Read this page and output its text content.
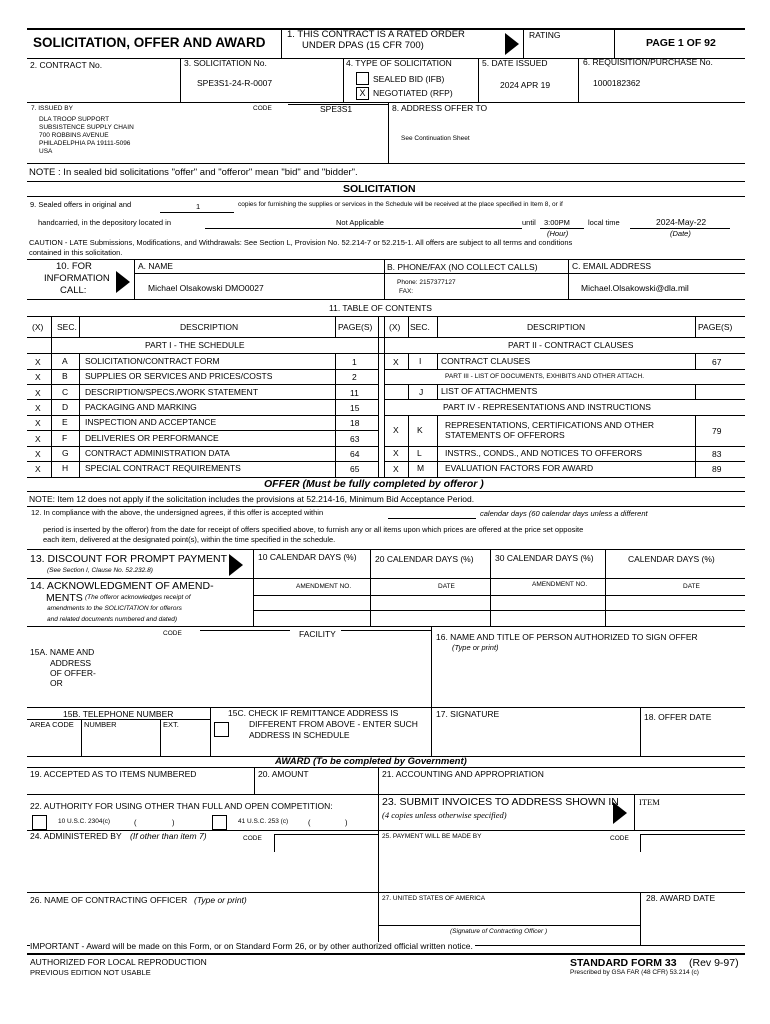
SOLICITATION, OFFER AND AWARD
1. THIS CONTRACT IS A RATED ORDER
UNDER DPAS (15 CFR 700)
RATING
PAGE 1 OF 92
2. CONTRACT No.	3. SOLICITATION No.
SPE3S1-24-R-0007
4. TYPE OF SOLICITATION
SEALED BID (IFB)
X NEGOTIATED (RFP)
5. DATE ISSUED
2024 APR 19
6. REQUISITION/PURCHASE No.
1000182362
7. ISSUED BY	CODE	SPE3S1
DLA TROOP SUPPORT
SUBSISTENCE SUPPLY CHAIN
700 ROBBINS AVENUE
PHILADELPHIA PA 19111-5096
USA
8. ADDRESS OFFER TO
See Continuation Sheet
NOTE : In sealed bid solicitations "offer" and "offeror" mean "bid" and "bidder".
SOLICITATION
9. Sealed offers in original and	1	copies for furnishing the supplies or services in the Schedule will be received at the place specified in Item 8, or if
handcarried, in the depository located in	Not Applicable	until 3:00PM local time	2024-May-22
(Hour)	(Date)
CAUTION - LATE Submissions, Modifications, and Withdrawals: See Section L, Provision No. 52.214-7 or 52.215-1. All offers are subject to all terms and conditions
contained in this solicitation.
10. FOR
INFORMATION
CALL:
A. NAME
Michael Olsakowski DMO0027
B. PHONE/FAX (NO COLLECT CALLS)
Phone: 2157377127
FAX:
C. EMAIL ADDRESS
Michael.Olsakowski@dla.mil
11. TABLE OF CONTENTS
(X) SEC.	DESCRIPTION	PAGE(S) (X) SEC.	DESCRIPTION	PAGE(S)
PART I - THE SCHEDULE	PART II - CONTRACT CLAUSES
X	A SOLICITATION/CONTRACT FORM	1
X	B SUPPLIES OR SERVICES AND PRICES/COSTS	2
X	C DESCRIPTION/SPECS./WORK STATEMENT	11
X	D PACKAGING AND MARKING	15
X	E INSPECTION AND ACCEPTANCE	18
X	F DELIVERIES OR PERFORMANCE	63
X	G CONTRACT ADMINISTRATION DATA	64
X	H SPECIAL CONTRACT REQUIREMENTS	65
X I CONTRACT CLAUSES	67
PART III - LIST OF DOCUMENTS, EXHIBITS AND OTHER ATTACH.
J LIST OF ATTACHMENTS
PART IV - REPRESENTATIONS AND INSTRUCTIONS
X K	REPRESENTATIONS, CERTIFICATIONS AND OTHER
STATEMENTS OF OFFERORS	79
X L	INSTRS., CONDS., AND NOTICES TO OFFERORS	83
X M EVALUATION FACTORS FOR AWARD	89
OFFER (Must be fully completed by offeror )
NOTE: Item 12 does not apply if the solicitation includes the provisions at 52.214-16, Minimum Bid Acceptance Period.
12. In compliance with the above, the undersigned agrees, if this offer is accepted within	calendar days (60 calendar days unless a different
period is inserted by the offeror) from the date for receipt of offers specified above, to furnish any or all items upon which prices are offered at the price set opposite
each item, delivered at the designated point(s), within the time specified in the schedule.
13. DISCOUNT FOR PROMPT PAYMENT
(See Section I, Clause No. 52.232.8)
10 CALENDAR DAYS (%) 20 CALENDAR DAYS (%)	30 CALENDAR DAYS (%)	CALENDAR DAYS (%)
14. ACKNOWLEDGMENT OF AMEND-
MENTS (The offeror acknowledges receipt of
amendments to the SOLICITATION for offerors
and related documents numbered and dated)
AMENDMENT NO.	DATE	AMENDMENT NO.	DATE
CODE	FACILITY
15A. NAME AND
ADDRESS
OF OFFER-
OR
16. NAME AND TITLE OF PERSON AUTHORIZED TO SIGN OFFER
(Type or print)
15B. TELEPHONE NUMBER
AREA CODE NUMBER	EXT.
15C. CHECK IF REMITTANCE ADDRESS IS
DIFFERENT FROM ABOVE - ENTER SUCH
ADDRESS IN SCHEDULE
17. SIGNATURE	18. OFFER DATE
AWARD (To be completed by Government)
19. ACCEPTED AS TO ITEMS NUMBERED	20. AMOUNT	21. ACCOUNTING AND APPROPRIATION
22. AUTHORITY FOR USING OTHER THAN FULL AND OPEN COMPETITION:
10 U.S.C. 2304(c)	(	)	41 U.S.C. 253 (c)	(	)
23. SUBMIT INVOICES TO ADDRESS SHOWN IN
(4 copies unless otherwise specified)
ITEM
24. ADMINISTERED BY (If other than item 7)	CODE	25. PAYMENT WILL BE MADE BY	CODE
26. NAME OF CONTRACTING OFFICER (Type or print)	27. UNITED STATES OF AMERICA	28. AWARD DATE
(Signature of Contracting Officer )
IMPORTANT - Award will be made on this Form, or on Standard Form 26, or by other authorized official written notice.
AUTHORIZED FOR LOCAL REPRODUCTION
PREVIOUS EDITION NOT USABLE
STANDARD FORM 33 (Rev 9-97)
Prescribed by GSA FAR (48 CFR) 53.214 (c)
